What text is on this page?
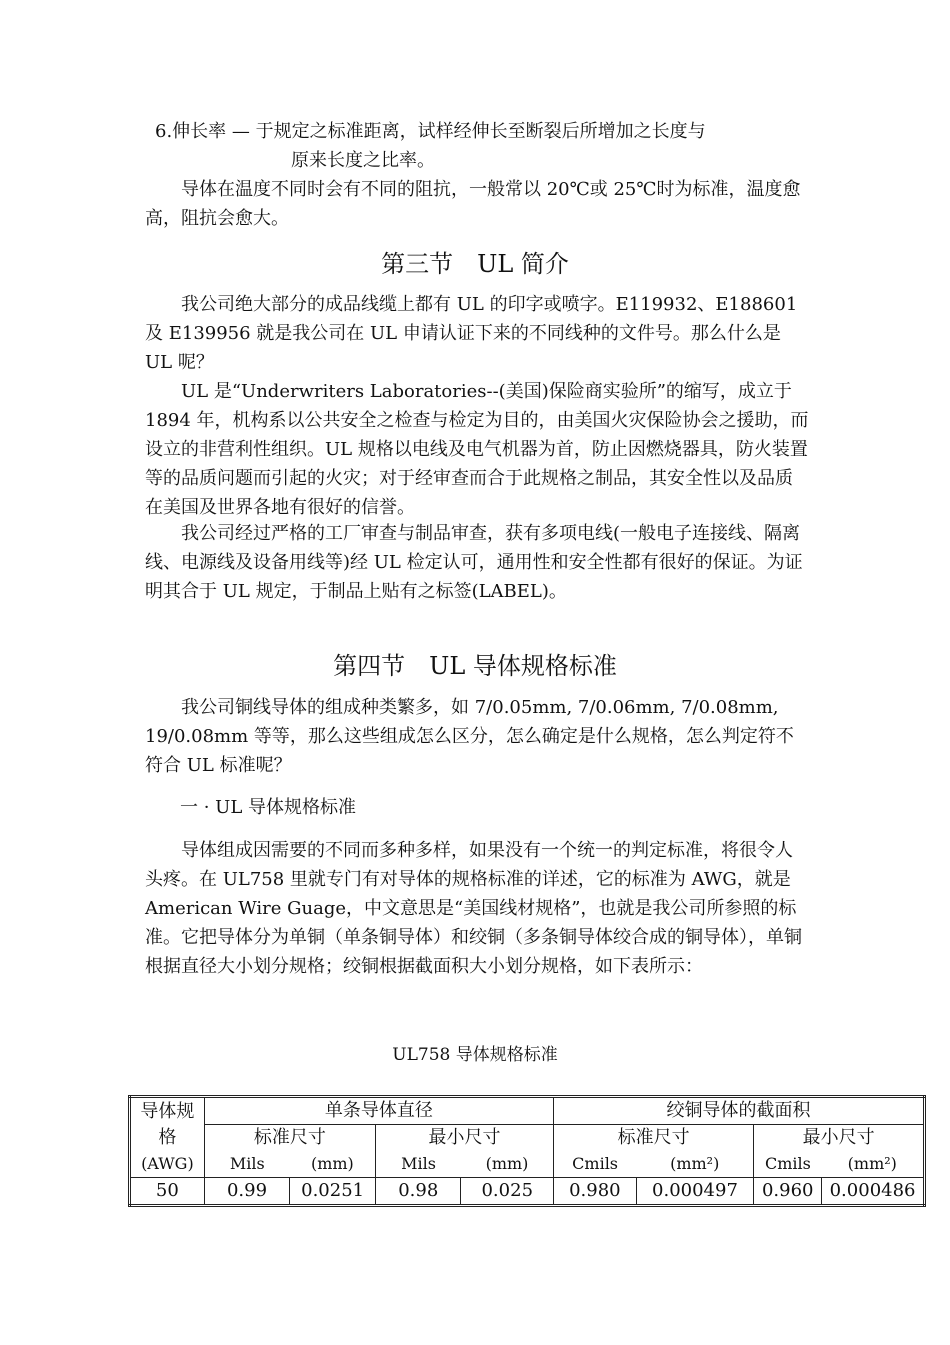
6.伸长率 — 于规定之标准距离，试样经伸长至断裂后所增加之长度与

原来长度之比率。

导体在温度不同时会有不同的阻抗，一般常以 20℃或 25℃时为标准，温度愈高，阻抗会愈大。

第三节　UL 简介

我公司绝大部分的成品线缆上都有 UL 的印字或喷字。E119932、E188601 及 E139956 就是我公司在 UL 申请认证下来的不同线种的文件号。那么什么是 UL 呢？

UL 是“Underwriters Laboratories--(美国)保险商实验所”的缩写，成立于 1894 年，机构系以公共安全之检查与检定为目的，由美国火灾保险协会之援助，而设立的非营利性组织。UL 规格以电线及电气机器为首，防止因燃烧器具，防火装置等的品质问题而引起的火灾；对于经审查而合于此规格之制品，其安全性以及品质在美国及世界各地有很好的信誉。

我公司经过严格的工厂审查与制品审查，获有多项电线(一般电子连接线、隔离线、电源线及设备用线等)经 UL 检定认可，通用性和安全性都有很好的保证。为证明其合于 UL 规定，于制品上贴有之标签(LABEL)。

第四节　UL 导体规格标准

我公司铜线导体的组成种类繁多，如 7/0.05mm, 7/0.06mm, 7/0.08mm, 19/0.08mm 等等，那么这些组成怎么区分，怎么确定是什么规格，怎么判定符不符合 UL 标准呢？

一 · UL 导体规格标准

导体组成因需要的不同而多种多样，如果没有一个统一的判定标准，将很令人头疼。在 UL758 里就专门有对导体的规格标准的详述，它的标准为 AWG，就是 American Wire Guage，中文意思是“美国线材规格”，也就是我公司所参照的标准。它把导体分为单铜（单条铜导体）和绞铜（多条铜导体绞合成的铜导体），单铜根据直径大小划分规格；绞铜根据截面积大小划分规格，如下表所示：

UL758 导体规格标准

导体规
格
(AWG)	单条导体直径				绞铜导体的截面积			
	标准尺寸		最小尺寸		标准尺寸		最小尺寸	
	Mils	(mm)	Mils	(mm)	Cmils	(mm²)	Cmils	(mm²)
50	0.99	0.0251	0.98	0.025	0.980	0.000497	0.960	0.000486
